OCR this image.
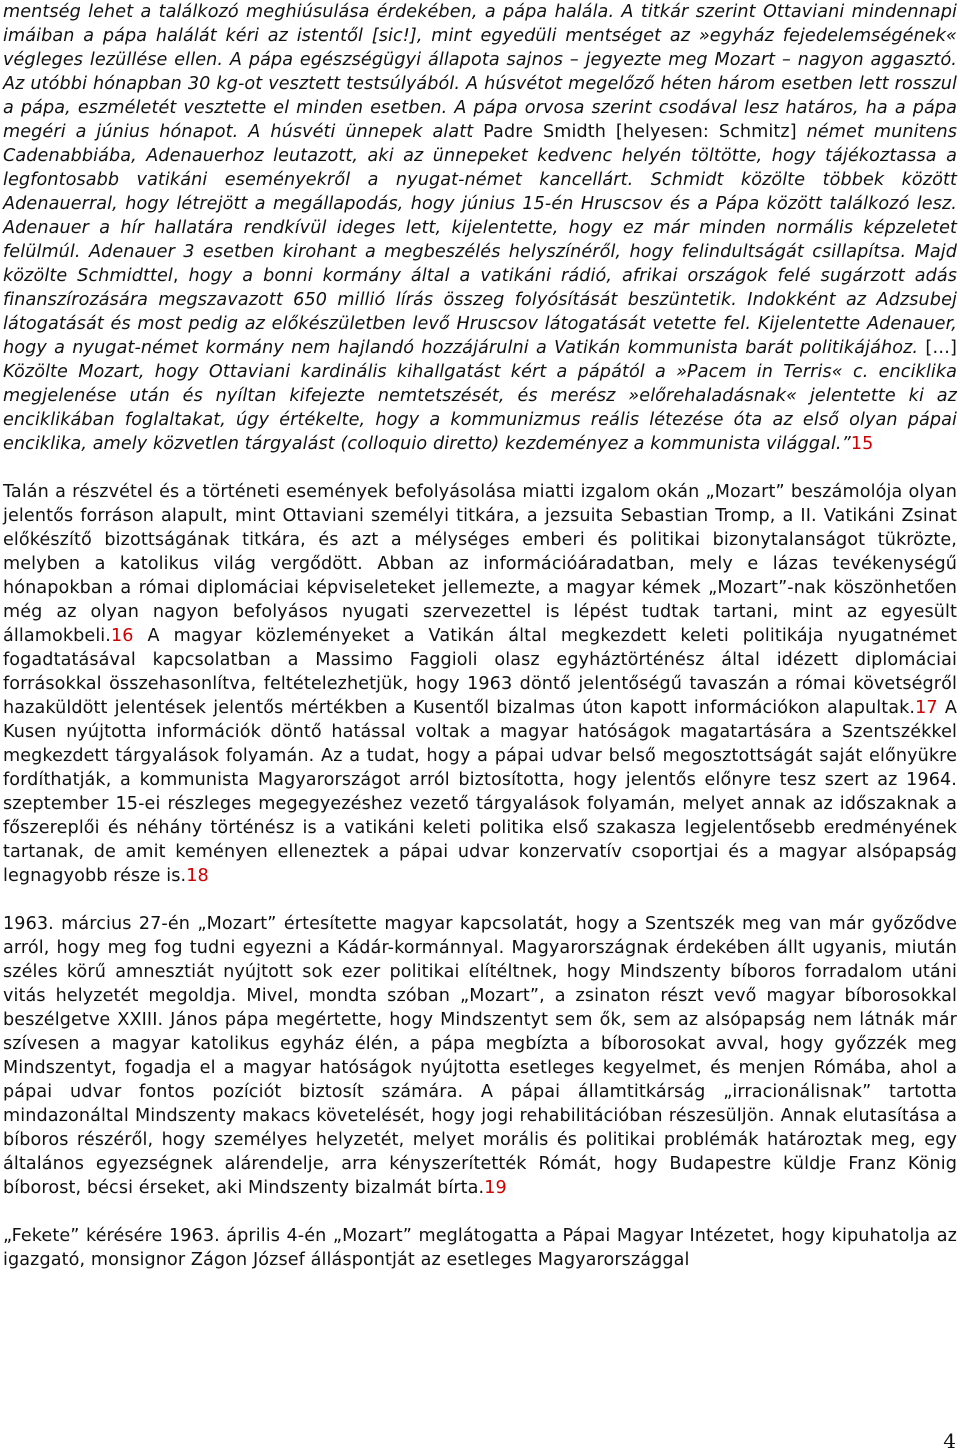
mentség lehet a találkozó meghiúsulása érdekében, a pápa halála. A titkár szerint Ottaviani mindennapi imáiban a pápa halálát kéri az istentől [sic!], mint egyedüli mentséget az »egyház fejedelemségének« végleges lezüllése ellen. A pápa egészségügyi állapota sajnos – jegyezte meg Mozart – nagyon aggasztó. Az utóbbi hónapban 30 kg-ot vesztett testsúlyából. A húsvétot megelőző héten három esetben lett rosszul a pápa, eszméletét vesztette el minden esetben. A pápa orvosa szerint csodával lesz határos, ha a pápa megéri a június hónapot. A húsvéti ünnepek alatt Padre Smidth [helyesen: Schmitz] német munitens Cadenabbiába, Adenauerhoz leutazott, aki az ünnepeket kedvenc helyén töltötte, hogy tájékoztassa a legfontosabb vatikáni eseményekről a nyugat-német kancellárt. Schmidt közölte többek között Adenauerral, hogy létrejött a megállapodás, hogy június 15-én Hruscsov és a Pápa között találkozó lesz. Adenauer a hír hallatára rendkívül ideges lett, kijelentette, hogy ez már minden normális képzeletet felülmúl. Adenauer 3 esetben kirohant a megbeszélés helyszínéről, hogy felindultságát csillapítsa. Majd közölte Schmidttel, hogy a bonni kormány által a vatikáni rádió, afrikai országok felé sugárzott adás finanszírozására megszavazott 650 millió lírás összeg folyósítását beszüntetik. Indokként az Adzsubej látogatását és most pedig az előkészületben levő Hruscsov látogatását vetette fel. Kijelentette Adenauer, hogy a nyugat-német kormány nem hajlandó hozzájárulni a Vatikán kommunista barát politikájához. […] Közölte Mozart, hogy Ottaviani kardinális kihallgatást kért a pápától a »Pacem in Terris« c. enciklika megjelenése után és nyíltan kifejezte nemtetszését, és merész »előrehaladásnak« jelentette ki az enciklikában foglaltakat, úgy értékelte, hogy a kommunizmus reális létezése óta az első olyan pápai enciklika, amely közvetlen tárgyalást (colloquio diretto) kezdeményez a kommunista világgal.”15

Talán a részvétel és a történeti események befolyásolása miatti izgalom okán „Mozart” beszámolója olyan jelentős forráson alapult, mint Ottaviani személyi titkára, a jezsuita Sebastian Tromp, a II. Vatikáni Zsinat előkészítő bizottságának titkára, és azt a mélységes emberi és politikai bizonytalanságot tükrözte, melyben a katolikus világ vergődött. Abban az információáradatban, mely e lázas tevékenységű hónapokban a római diplomáciai képviseleteket jellemezte, a magyar kémek „Mozart”-nak köszönhetően még az olyan nagyon befolyásos nyugati szervezettel is lépést tudtak tartani, mint az egyesült államokbeli.16 A magyar közleményeket a Vatikán által megkezdett keleti politikája nyugatnémet fogadtatásával kapcsolatban a Massimo Faggioli olasz egyháztörténész által idézett diplomáciai forrásokkal összehasonlítva, feltételezhetjük, hogy 1963 döntő jelentőségű tavaszán a római követségről hazaküldött jelentések jelentős mértékben a Kusentől bizalmas úton kapott információkon alapultak.17 A Kusen nyújtotta információk döntő hatással voltak a magyar hatóságok magatartására a Szentszékkel megkezdett tárgyalások folyamán. Az a tudat, hogy a pápai udvar belső megosztottságát saját előnyükre fordíthatják, a kommunista Magyarországot arról biztosította, hogy jelentős előnyre tesz szert az 1964. szeptember 15-ei részleges megegyezéshez vezető tárgyalások folyamán, melyet annak az időszaknak a főszereplői és néhány történész is a vatikáni keleti politika első szakasza legjelentősebb eredményének tartanak, de amit keményen elleneztek a pápai udvar konzervatív csoportjai és a magyar alsópapság legnagyobb része is.18

1963. március 27-én „Mozart” értesítette magyar kapcsolatát, hogy a Szentszék meg van már győződve arról, hogy meg fog tudni egyezni a Kádár-kormánnyal. Magyarországnak érdekében állt ugyanis, miután széles körű amnesztiát nyújtott sok ezer politikai elítéltnek, hogy Mindszenty bíboros forradalom utáni vitás helyzetét megoldja. Mivel, mondta szóban „Mozart”, a zsinaton részt vevő magyar bíborosokkal beszélgetve XXIII. János pápa megértette, hogy Mindszentyt sem ők, sem az alsópapság nem látnák már szívesen a magyar katolikus egyház élén, a pápa megbízta a bíborosokat avval, hogy győzzék meg Mindszentyt, fogadja el a magyar hatóságok nyújtotta esetleges kegyelmet, és menjen Rómába, ahol a pápai udvar fontos pozíciót biztosít számára. A pápai államtitkárság „irracionálisnak” tartotta mindazonáltal Mindszenty makacs követelését, hogy jogi rehabilitációban részesüljön. Annak elutasítása a bíboros részéről, hogy személyes helyzetét, melyet morális és politikai problémák határoztak meg, egy általános egyezségnek alárendelje, arra kényszerítették Rómát, hogy Budapestre küldje Franz König bíborost, bécsi érseket, aki Mindszenty bizalmát bírta.19

„Fekete” kérésére 1963. április 4-én „Mozart” meglátogatta a Pápai Magyar Intézetet, hogy kipuhatolja az igazgató, monsignor Zágon József álláspontját az esetleges Magyarországgal

4
